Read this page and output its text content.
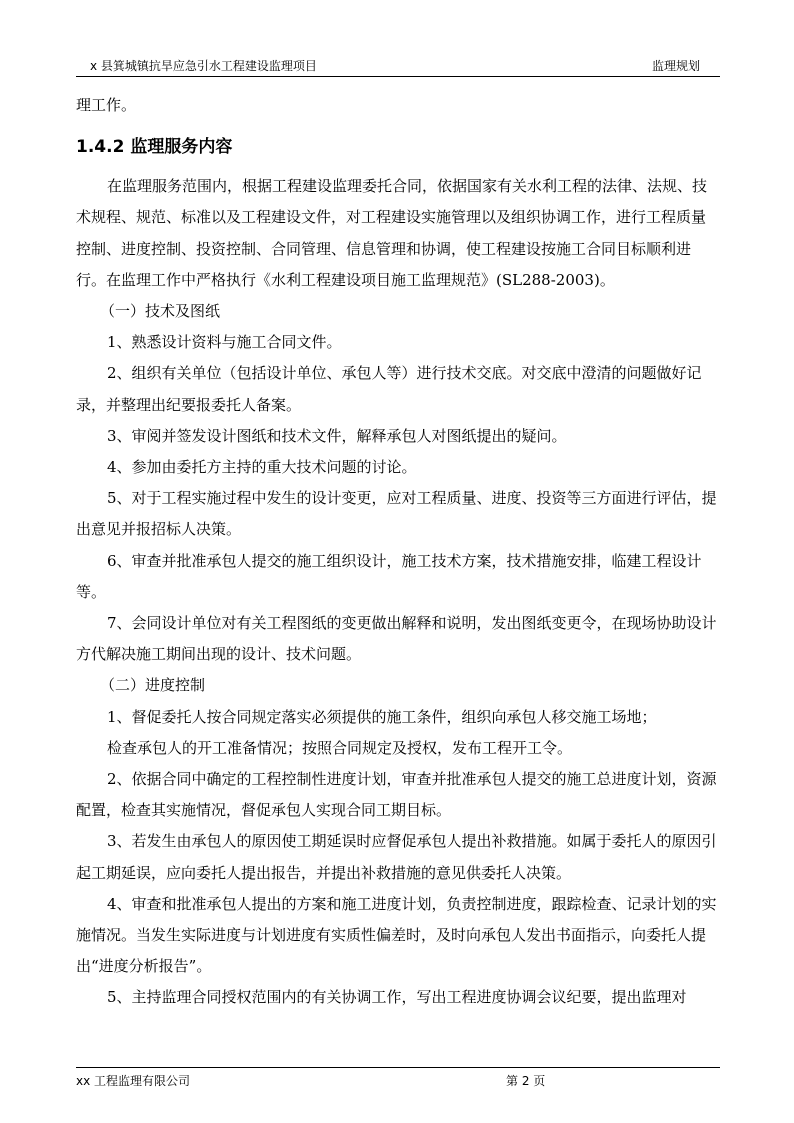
x 县箕城镇抗旱应急引水工程建设监理项目	监理规划

理工作。

1.4.2 监理服务内容

在监理服务范围内，根据工程建设监理委托合同，依据国家有关水利工程的法律、法规、技术规程、规范、标准以及工程建设文件，对工程建设实施管理以及组织协调工作，进行工程质量控制、进度控制、投资控制、合同管理、信息管理和协调，使工程建设按施工合同目标顺利进行。在监理工作中严格执行《水利工程建设项目施工监理规范》(SL288-2003)。

（一）技术及图纸

1、熟悉设计资料与施工合同文件。

2、组织有关单位（包括设计单位、承包人等）进行技术交底。对交底中澄清的问题做好记录，并整理出纪要报委托人备案。

3、审阅并签发设计图纸和技术文件，解释承包人对图纸提出的疑问。

4、参加由委托方主持的重大技术问题的讨论。

5、对于工程实施过程中发生的设计变更，应对工程质量、进度、投资等三方面进行评估，提出意见并报招标人决策。

6、审查并批准承包人提交的施工组织设计，施工技术方案，技术措施安排，临建工程设计等。

7、会同设计单位对有关工程图纸的变更做出解释和说明，发出图纸变更令，在现场协助设计方代解决施工期间出现的设计、技术问题。

（二）进度控制

1、督促委托人按合同规定落实必须提供的施工条件，组织向承包人移交施工场地；

检查承包人的开工准备情况；按照合同规定及授权，发布工程开工令。

2、依据合同中确定的工程控制性进度计划，审查并批准承包人提交的施工总进度计划，资源配置，检查其实施情况，督促承包人实现合同工期目标。

3、若发生由承包人的原因使工期延误时应督促承包人提出补救措施。如属于委托人的原因引起工期延误，应向委托人提出报告，并提出补救措施的意见供委托人决策。

4、审查和批准承包人提出的方案和施工进度计划，负责控制进度，跟踪检查、记录计划的实施情况。当发生实际进度与计划进度有实质性偏差时，及时向承包人发出书面指示，向委托人提出“进度分析报告”。

5、主持监理合同授权范围内的有关协调工作，写出工程进度协调会议纪要，提出监理对

xx 工程监理有限公司	第 2 页
